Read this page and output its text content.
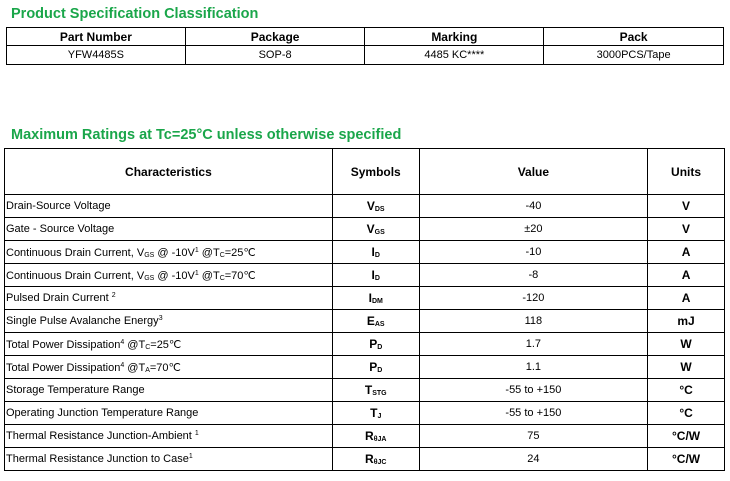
Product Specification Classification
Part Number	Package	Marking	Pack
YFW4485S	SOP-8	4485 KC****	3000PCS/Tape
Maximum Ratings at Tc=25°C unless otherwise specified
Characteristics	Symbols	Value	Units
Drain-Source Voltage	$V_{DS}$	-40	V
Gate - Source Voltage	$V_{GS}$	±20	V
Continuous Drain Current, $V_{GS}$ @ $-10V^1$ $@T_C=25℃$	$I_D$	-10	A
Continuous Drain Current, $V_{GS}$ @ $-10V^1$ $@T_C=70℃$	$I_D$	-8	A
Pulsed Drain Current $^2$	$I_{DM}$	-120	A
Single Pulse Avalanche Energy$^3$	$E_{AS}$	118	mJ
Total Power Dissipation$^4$ $@T_C=25℃$	$P_D$	1.7	W
Total Power Dissipation$^4$ $@T_A=70℃$	$P_D$	1.1	W
Storage Temperature Range	$T_{STG}$	-55 to +150	°C
Operating Junction Temperature Range	$T_J$	-55 to +150	°C
Thermal Resistance Junction-Ambient $^1$	$R_{\theta JA}$	75	°C/W
Thermal Resistance Junction to Case$^1$	$R_{\theta JC}$	24	°C/W
